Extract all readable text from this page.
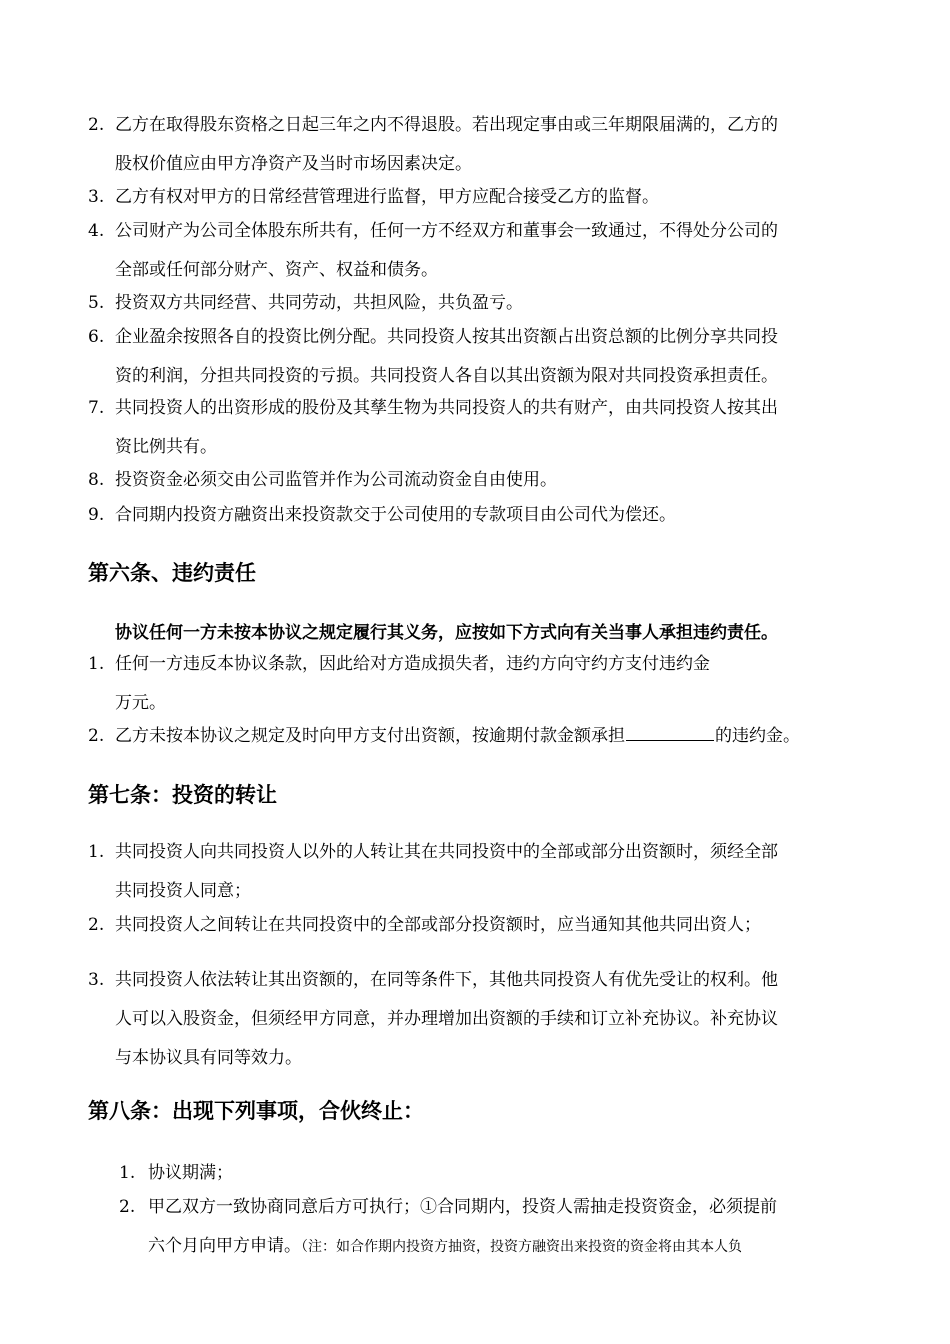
2. 乙方在取得股东资格之日起三年之内不得退股。若出现定事由或三年期限届满的，乙方的
股权价值应由甲方净资产及当时市场因素决定。
3. 乙方有权对甲方的日常经营管理进行监督，甲方应配合接受乙方的监督。
4. 公司财产为公司全体股东所共有，任何一方不经双方和董事会一致通过，不得处分公司的
全部或任何部分财产、资产、权益和债务。
5. 投资双方共同经营、共同劳动，共担风险，共负盈亏。
6. 企业盈余按照各自的投资比例分配。共同投资人按其出资额占出资总额的比例分享共同投
资的利润，分担共同投资的亏损。共同投资人各自以其出资额为限对共同投资承担责任。
7. 共同投资人的出资形成的股份及其孳生物为共同投资人的共有财产，由共同投资人按其出
资比例共有。
8. 投资资金必须交由公司监管并作为公司流动资金自由使用。
9. 合同期内投资方融资出来投资款交于公司使用的专款项目由公司代为偿还。
第六条、违约责任
协议任何一方未按本协议之规定履行其义务，应按如下方式向有关当事人承担违约责任。
1. 任何一方违反本协议条款，因此给对方造成损失者，违约方向守约方支付违约金
万元。
2. 乙方未按本协议之规定及时向甲方支付出资额，按逾期付款金额承担	的违约金。
第七条：投资的转让
1. 共同投资人向共同投资人以外的人转让其在共同投资中的全部或部分出资额时，须经全部
共同投资人同意；
2. 共同投资人之间转让在共同投资中的全部或部分投资额时，应当通知其他共同出资人；
3. 共同投资人依法转让其出资额的，在同等条件下，其他共同投资人有优先受让的权利。他
人可以入股资金，但须经甲方同意，并办理增加出资额的手续和订立补充协议。补充协议
与本协议具有同等效力。
第八条：出现下列事项，合伙终止：
1. 协议期满；
2. 甲乙双方一致协商同意后方可执行；①合同期内，投资人需抽走投资资金，必须提前
六个月向甲方申请。（注：如合作期内投资方抽资，投资方融资出来投资的资金将由其本人负
